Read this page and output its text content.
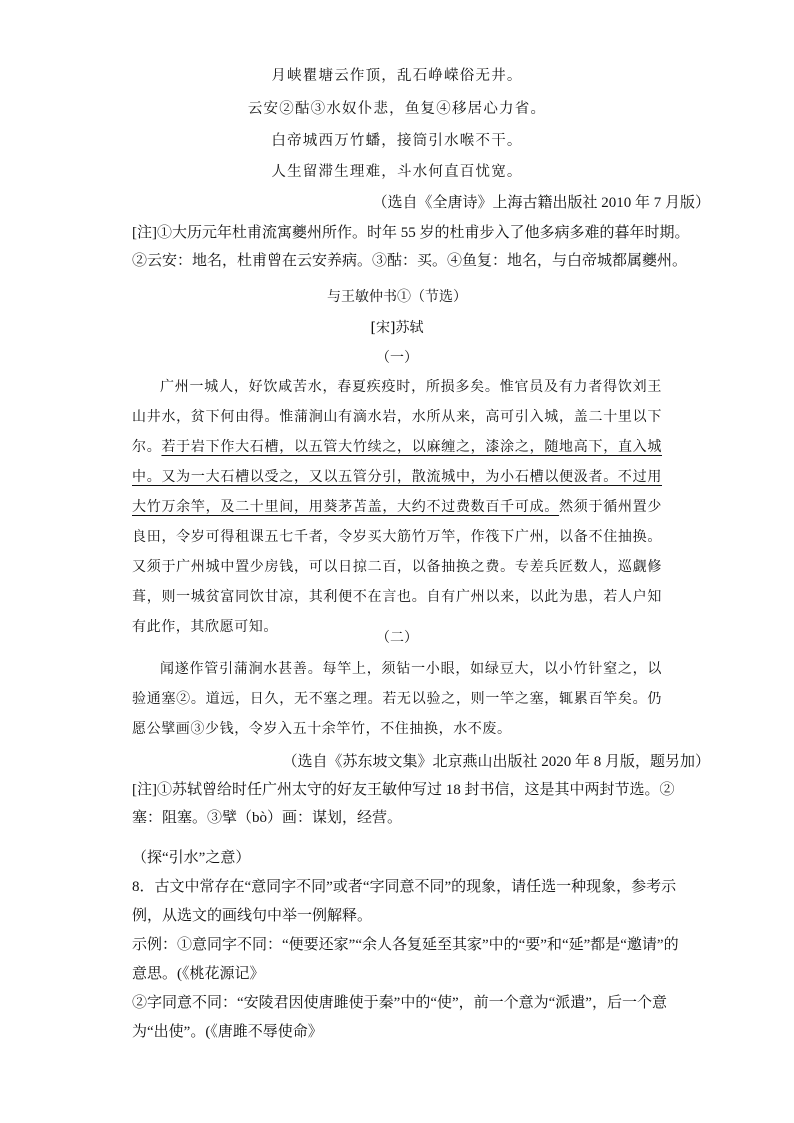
月峡瞿塘云作顶，乱石峥嵘俗无井。
云安②酤③水奴仆悲，鱼复④移居心力省。
白帝城西万竹蟠，接筒引水喉不干。
人生留滞生理难，斗水何直百忧宽。
（选自《全唐诗》上海古籍出版社 2010 年 7 月版）
[注]①大历元年杜甫流寓夔州所作。时年 55 岁的杜甫步入了他多病多难的暮年时期。②云安：地名，杜甫曾在云安养病。③酤：买。④鱼复：地名，与白帝城都属夔州。
与王敏仲书①（节选）
[宋]苏轼
（一）

广州一城人，好饮咸苦水，春夏疾疫时，所损多矣。惟官员及有力者得饮刘王山井水，贫下何由得。惟蒲涧山有滴水岩，水所从来，高可引入城，盖二十里以下尔。若于岩下作大石槽，以五管大竹续之，以麻缠之，漆涂之，随地高下，直入城中。又为一大石槽以受之，又以五管分引，散流城中，为小石槽以便汲者。不过用大竹万余竿，及二十里间，用葵茅苫盖，大约不过费数百千可成。然须于循州置少良田，令岁可得租课五七千者，令岁买大筋竹万竿，作筏下广州，以备不住抽换。又须于广州城中置少房钱，可以日掠二百，以备抽换之费。专差兵匠数人，巡觑修葺，则一城贫富同饮甘凉，其利便不在言也。自有广州以来，以此为患，若人户知有此作，其欣愿可知。

（二）

闻遂作管引蒲涧水甚善。每竿上，须钻一小眼，如绿豆大，以小竹针窒之，以验通塞②。道远，日久，无不塞之理。若无以验之，则一竿之塞，辄累百竿矣。仍愿公擘画③少钱，令岁入五十余竿竹，不住抽换，水不废。

（选自《苏东坡文集》北京燕山出版社 2020 年 8 月版，题另加）
[注]①苏轼曾给时任广州太守的好友王敏仲写过 18 封书信，这是其中两封节选。②塞：阻塞。③擘（bò）画：谋划，经营。

（探“引水”之意）

8．古文中常存在“意同字不同”或者“字同意不同”的现象，请任选一种现象，参考示例，从选文的画线句中举一例解释。

示例：①意同字不同：“便要还家”“余人各复延至其家”中的“要”和“延”都是“邀请”的意思。(《桃花源记》

②字同意不同：“安陵君因使唐雎使于秦”中的“使”，前一个意为“派遣”，后一个意为“出使”。(《唐雎不辱使命》
